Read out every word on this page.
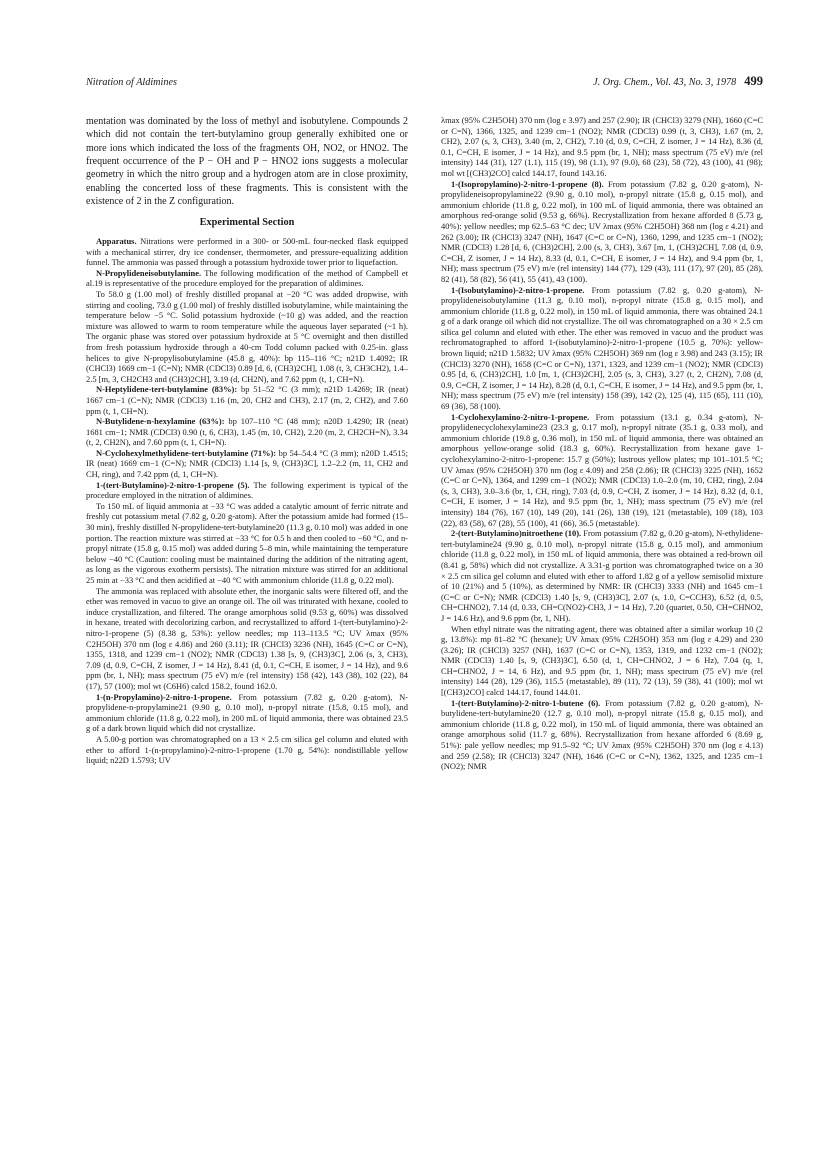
Nitration of Aldimines	J. Org. Chem., Vol. 43, No. 3, 1978 499

mentation was dominated by the loss of methyl and isobutylene. Compounds 2 which did not contain the tert-butylamino group generally exhibited one or more ions which indicated the loss of the fragments OH, NO2, or HNO2. The frequent occurrence of the P − OH and P − HNO2 ions suggests a molecular geometry in which the nitro group and a hydrogen atom are in close proximity, enabling the concerted loss of these fragments. This is consistent with the existence of 2 in the Z configuration.

Experimental Section

Apparatus. Nitrations were performed in a 300- or 500-mL four-necked flask equipped with a mechanical stirrer, dry ice condenser, thermometer, and pressure-equalizing addition funnel. The ammonia was passed through a potassium hydroxide tower prior to liquefaction.

N-Propylideneisobutylamine. The following modification of the method of Campbell et al.19 is representative of the procedure employed for the preparation of aldimines.

To 58.0 g (1.00 mol) of freshly distilled propanal at −20 °C was added dropwise, with stirring and cooling, 73.0 g (1.00 mol) of freshly distilled isobutylamine, while maintaining the temperature below −5 °C. Solid potassium hydroxide (~10 g) was added, and the reaction mixture was allowed to warm to room temperature while the aqueous layer separated (~1 h). The organic phase was stored over potassium hydroxide at 5 °C overnight and then distilled from fresh potassium hydroxide through a 40-cm Todd column packed with 0.25-in. glass helices to give N-propylisobutylamine (45.8 g, 40%): bp 115–116 °C; n21D 1.4092; IR (CHCl3) 1669 cm−1 (C=N); NMR (CDCl3) 0.89 [d, 6, (CH3)2CH], 1.08 (t, 3, CH3CH2), 1.4–2.5 [m, 3, CH2CH3 and (CH3)2CH], 3.19 (d, CH2N), and 7.62 ppm (t, 1, CH=N).

N-Heptylidene-tert-butylamine (83%): bp 51–52 °C (3 mm); n21D 1.4269; IR (neat) 1667 cm−1 (C=N); NMR (CDCl3) 1.16 (m, 20, CH2 and CH3), 2.17 (m, 2, CH2), and 7.60 ppm (t, 1, CH=N).

N-Butylidene-n-hexylamine (63%): bp 107–110 °C (48 mm); n20D 1.4290; IR (neat) 1681 cm−1; NMR (CDCl3) 0.90 (t, 6, CH3), 1.45 (m, 10, CH2), 2.20 (m, 2, CH2CH=N), 3.34 (t, 2, CH2N), and 7.60 ppm (t, 1, CH=N).

N-Cyclohexylmethylidene-tert-butylamine (71%): bp 54–54.4 °C (3 mm); n20D 1.4515; IR (neat) 1669 cm−1 (C=N); NMR (CDCl3) 1.14 [s, 9, (CH3)3C], 1.2–2.2 (m, 11, CH2 and CH, ring), and 7.42 ppm (d, 1, CH=N).

1-(tert-Butylamino)-2-nitro-1-propene (5). The following experiment is typical of the procedure employed in the nitration of aldimines.

To 150 mL of liquid ammonia at −33 °C was added a catalytic amount of ferric nitrate and freshly cut potassium metal (7.82 g, 0.20 g-atom). After the potassium amide had formed (15–30 min), freshly distilled N-propylidene-tert-butylamine20 (11.3 g, 0.10 mol) was added in one portion. The reaction mixture was stirred at −33 °C for 0.5 h and then cooled to −60 °C, and n-propyl nitrate (15.8 g, 0.15 mol) was added during 5–8 min, while maintaining the temperature below −40 °C (Caution: cooling must be maintained during the addition of the nitrating agent, as long as the vigorous exotherm persists). The nitration mixture was stirred for an additional 25 min at −33 °C and then acidified at −40 °C with ammonium chloride (11.8 g, 0.22 mol).

The ammonia was replaced with absolute ether, the inorganic salts were filtered off, and the ether was removed in vacuo to give an orange oil. The oil was triturated with hexane, cooled to induce crystallization, and filtered. The orange amorphous solid (9.53 g, 60%) was dissolved in hexane, treated with decolorizing carbon, and recrystallized to afford 1-(tert-butylamino)-2-nitro-1-propene (5) (8.38 g, 53%): yellow needles; mp 113–113.5 °C; UV λmax (95% C2H5OH) 370 nm (log ε 4.86) and 260 (3.11); IR (CHCl3) 3236 (NH), 1645 (C=C or C=N), 1355, 1318, and 1239 cm−1 (NO2); NMR (CDCl3) 1.38 [s, 9, (CH3)3C], 2.06 (s, 3, CH3), 7.09 (d, 0.9, C=CH, Z isomer, J = 14 Hz), 8.41 (d, 0.1, C=CH, E isomer, J = 14 Hz), and 9.6 ppm (br, 1, NH); mass spectrum (75 eV) m/e (rel intensity) 158 (42), 143 (38), 102 (22), 84 (17), 57 (100); mol wt (C6H6) calcd 158.2, found 162.0.

1-(n-Propylamino)-2-nitro-1-propene. From potassium (7.82 g, 0.20 g-atom), N-propylidene-n-propylamine21 (9.90 g, 0.10 mol), n-propyl nitrate (15.8, 0.15 mol), and ammonium chloride (11.8 g, 0.22 mol), in 200 mL of liquid ammonia, there was obtained 23.5 g of a dark brown liquid which did not crystallize.

A 5.00-g portion was chromatographed on a 13 × 2.5 cm silica gel column and eluted with ether to afford 1-(n-propylamino)-2-nitro-1-propene (1.70 g, 54%): nondistillable yellow liquid; n22D 1.5793; UV

λmax (95% C2H5OH) 370 nm (log ε 3.97) and 257 (2.90); IR (CHCl3) 3279 (NH), 1660 (C=C or C=N), 1366, 1325, and 1239 cm−1 (NO2); NMR (CDCl3) 0.99 (t, 3, CH3), 1.67 (m, 2, CH2), 2.07 (s, 3, CH3), 3.40 (m, 2, CH2), 7.10 (d, 0.9, C=CH, Z isomer, J = 14 Hz), 8.36 (d, 0.1, C=CH, E isomer, J = 14 Hz), and 9.5 ppm (br, 1, NH); mass spectrum (75 eV) m/e (rel intensity) 144 (31), 127 (1.1), 115 (19), 98 (1.1), 97 (9.0), 68 (23), 58 (72), 43 (100), 41 (98); mol wt [(CH3)2CO] calcd 144.17, found 143.16.

1-(Isopropylamino)-2-nitro-1-propene (8). From potassium (7.82 g, 0.20 g-atom), N-propylideneisopropylamine22 (9.90 g, 0.10 mol), n-propyl nitrate (15.8 g, 0.15 mol), and ammonium chloride (11.8 g, 0.22 mol), in 100 mL of liquid ammonia, there was obtained an amorphous red-orange solid (9.53 g, 66%). Recrystallization from hexane afforded 8 (5.73 g, 40%): yellow needles; mp 62.5–63 °C dec; UV λmax (95% C2H5OH) 368 nm (log ε 4.21) and 262 (3.00); IR (CHCl3) 3247 (NH), 1647 (C=C or C=N), 1360, 1299, and 1235 cm−1 (NO2); NMR (CDCl3) 1.28 [d, 6, (CH3)2CH], 2.00 (s, 3, CH3), 3.67 [m, 1, (CH3)2CH], 7.08 (d, 0.9, C=CH, Z isomer, J = 14 Hz), 8.33 (d, 0.1, C=CH, E isomer, J = 14 Hz), and 9.4 ppm (br, 1, NH); mass spectrum (75 eV) m/e (rel intensity) 144 (77), 129 (43), 111 (17), 97 (20), 85 (28), 82 (41), 58 (82), 56 (41), 55 (41), 43 (100).

1-(Isobutylamino)-2-nitro-1-propene. From potassium (7.82 g, 0.20 g-atom), N-propylideneisobutylamine (11.3 g, 0.10 mol), n-propyl nitrate (15.8 g, 0.15 mol), and ammonium chloride (11.8 g, 0.22 mol), in 150 mL of liquid ammonia, there was obtained 24.1 g of a dark orange oil which did not crystallize. The oil was chromatographed on a 30 × 2.5 cm silica gel column and eluted with ether. The ether was removed in vacuo and the product was rechromatographed to afford 1-(isobutylamino)-2-nitro-1-propene (10.5 g, 70%): yellow-brown liquid; n21D 1.5832; UV λmax (95% C2H5OH) 369 nm (log ε 3.98) and 243 (3.15); IR (CHCl3) 3270 (NH), 1658 (C=C or C=N), 1371, 1323, and 1239 cm−1 (NO2); NMR (CDCl3) 0.95 [d, 6, (CH3)2CH], 1.0 [m, 1, (CH3)2CH], 2.05 (s, 3, CH3), 3.27 (t, 2, CH2N), 7.08 (d, 0.9, C=CH, Z isomer, J = 14 Hz), 8.28 (d, 0.1, C=CH, E isomer, J = 14 Hz), and 9.5 ppm (br, 1, NH); mass spectrum (75 eV) m/e (rel intensity) 158 (39), 142 (2), 125 (4), 115 (65), 111 (10), 69 (36), 58 (100).

1-Cyclohexylamino-2-nitro-1-propene. From potassium (13.1 g, 0.34 g-atom), N-propylidenecyclohexylamine23 (23.3 g, 0.17 mol), n-propyl nitrate (35.1 g, 0.33 mol), and ammonium chloride (19.8 g, 0.36 mol), in 150 mL of liquid ammonia, there was obtained an amorphous yellow-orange solid (18.3 g, 60%). Recrystallization from hexane gave 1-cyclohexylamino-2-nitro-1-propene: 15.7 g (50%); lustrous yellow plates; mp 101–101.5 °C; UV λmax (95% C2H5OH) 370 nm (log ε 4.09) and 258 (2.86); IR (CHCl3) 3225 (NH), 1652 (C=C or C=N), 1364, and 1299 cm−1 (NO2); NMR (CDCl3) 1.0–2.0 (m, 10, CH2, ring), 2.04 (s, 3, CH3), 3.0–3.6 (br, 1, CH, ring), 7.03 (d, 0.9, C=CH, Z isomer, J = 14 Hz), 8.32 (d, 0.1, C=CH, E isomer, J = 14 Hz), and 9.5 ppm (br, 1, NH); mass spectrum (75 eV) m/e (rel intensity) 184 (76), 167 (10), 149 (20), 141 (26), 138 (19), 121 (metastable), 109 (18), 103 (22), 83 (58), 67 (28), 55 (100), 41 (66), 36.5 (metastable).

2-(tert-Butylamino)nitroethene (10). From potassium (7.82 g, 0.20 g-atom), N-ethylidene-tert-butylamine24 (9.90 g, 0.10 mol), n-propyl nitrate (15.8 g, 0.15 mol), and ammonium chloride (11.8 g, 0.22 mol), in 150 mL of liquid ammonia, there was obtained a red-brown oil (8.41 g, 58%) which did not crystallize. A 3.31-g portion was chromatographed twice on a 30 × 2.5 cm silica gel column and eluted with ether to afford 1.82 g of a yellow semisolid mixture of 10 (21%) and 5 (10%), as determined by NMR: IR (CHCl3) 3333 (NH) and 1645 cm−1 (C=C or C=N); NMR (CDCl3) 1.40 [s, 9, (CH3)3C], 2.07 (s, 1.0, C=CCH3), 6.52 (d, 0.5, CH=CHNO2), 7.14 (d, 0.33, CH=C(NO2)-CH3, J = 14 Hz), 7.20 (quartet, 0.50, CH=CHNO2, J = 14.6 Hz), and 9.6 ppm (br, 1, NH).

When ethyl nitrate was the nitrating agent, there was obtained after a similar workup 10 (2 g, 13.8%): mp 81–82 °C (hexane); UV λmax (95% C2H5OH) 353 nm (log ε 4.29) and 230 (3.26); IR (CHCl3) 3257 (NH), 1637 (C=C or C=N), 1353, 1319, and 1232 cm−1 (NO2); NMR (CDCl3) 1.40 [s, 9, (CH3)3C], 6.50 (d, 1, CH=CHNO2, J = 6 Hz), 7.04 (q, 1, CH=CHNO2, J = 14, 6 Hz), and 9.5 ppm (br, 1, NH); mass spectrum (75 eV) m/e (rel intensity) 144 (28), 129 (36), 115.5 (metastable), 89 (11), 72 (13), 59 (38), 41 (100); mol wt [(CH3)2CO] calcd 144.17, found 144.01.

1-(tert-Butylamino)-2-nitro-1-butene (6). From potassium (7.82 g, 0.20 g-atom), N-butylidene-tert-butylamine20 (12.7 g, 0.10 mol), n-propyl nitrate (15.8 g, 0.15 mol), and ammonium chloride (11.8 g, 0.22 mol), in 150 mL of liquid ammonia, there was obtained an orange amorphous solid (11.7 g, 68%). Recrystallization from hexane afforded 6 (8.69 g, 51%): pale yellow needles; mp 91.5–92 °C; UV λmax (95% C2H5OH) 370 nm (log ε 4.13) and 259 (2.58); IR (CHCl3) 3247 (NH), 1646 (C=C or C=N), 1362, 1325, and 1235 cm−1 (NO2); NMR
